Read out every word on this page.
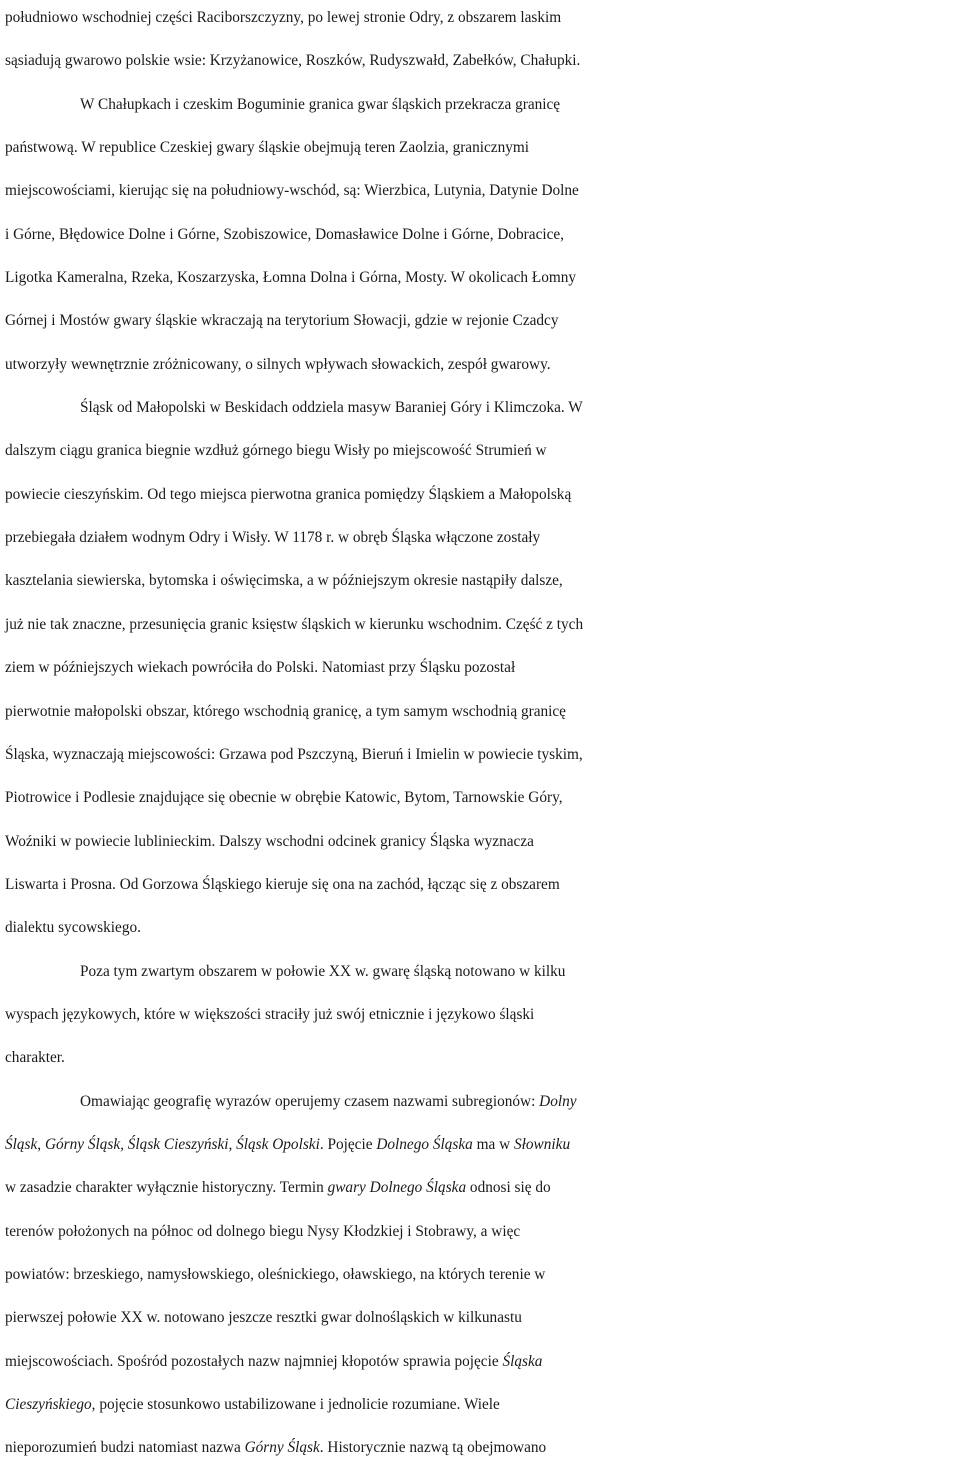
południowo wschodniej części Raciborszczyzny, po lewej stronie Odry, z obszarem laskim
sąsiadują gwarowo polskie wsie: Krzyżanowice, Roszków, Rudyszwałd, Zabełków, Chałupki.
W Chałupkach i czeskim Boguminie granica gwar śląskich przekracza granicę
państwową. W republice Czeskiej gwary śląskie obejmują teren Zaolzia, granicznymi
miejscowościami, kierując się na południowy-wschód, są: Wierzbica, Lutynia, Datynie Dolne
i Górne, Błędowice Dolne i Górne, Szobiszowice, Domasławice Dolne i Górne, Dobracice,
Ligotka Kameralna, Rzeka, Koszarzyska, Łomna Dolna i Górna, Mosty. W okolicach Łomny
Górnej i Mostów gwary śląskie wkraczają na terytorium Słowacji, gdzie w rejonie Czadcy
utworzyły wewnętrznie zróżnicowany, o silnych wpływach słowackich, zespół gwarowy.
Śląsk od Małopolski w Beskidach oddziela masyw Baraniej Góry i Klimczoka. W
dalszym ciągu granica biegnie wzdłuż górnego biegu Wisły po miejscowość Strumień w
powiecie cieszyńskim. Od tego miejsca pierwotna granica pomiędzy Śląskiem a Małopolską
przebiegała działem wodnym Odry i Wisły. W 1178 r. w obręb Śląska włączone zostały
kasztelania siewierska, bytomska i oświęcimska, a w późniejszym okresie nastąpiły dalsze,
już nie tak znaczne, przesunięcia granic księstw śląskich w kierunku wschodnim. Część z tych
ziem w późniejszych wiekach powróciła do Polski. Natomiast przy Śląsku pozostał
pierwotnie małopolski obszar, którego wschodnią granicę, a tym samym wschodnią granicę
Śląska, wyznaczają miejscowości: Grzawa pod Pszczyną, Bieruń i Imielin w powiecie tyskim,
Piotrowice i Podlesie znajdujące się obecnie w obrębie Katowic, Bytom, Tarnowskie Góry,
Woźniki w powiecie lublinieckim. Dalszy wschodni odcinek granicy Śląska wyznacza
Liswarta i Prosna. Od Gorzowa Śląskiego kieruje się ona na zachód, łącząc się z obszarem
dialektu sycowskiego.
Poza tym zwartym obszarem w połowie XX w. gwarę śląską notowano w kilku
wyspach językowych, które w większości straciły już swój etnicznie i językowo śląski
charakter.
Omawiając geografię wyrazów operujemy czasem nazwami subregionów: Dolny
Śląsk, Górny Śląsk, Śląsk Cieszyński, Śląsk Opolski. Pojęcie Dolnego Śląska ma w Słowniku
w zasadzie charakter wyłącznie historyczny. Termin gwary Dolnego Śląska odnosi się do
terenów położonych na północ od dolnego biegu Nysy Kłodzkiej i Stobrawy, a więc
powiatów: brzeskiego, namysłowskiego, oleśnickiego, oławskiego, na których terenie w
pierwszej połowie XX w. notowano jeszcze resztki gwar dolnośląskich w kilkunastu
miejscowościach. Spośród pozostałych nazw najmniej kłopotów sprawia pojęcie Śląska
Cieszyńskiego, pojęcie stosunkowo ustabilizowane i jednolicie rozumiane. Wiele
nieporozumień budzi natomiast nazwa Górny Śląsk. Historycznie nazwą tą obejmowano
